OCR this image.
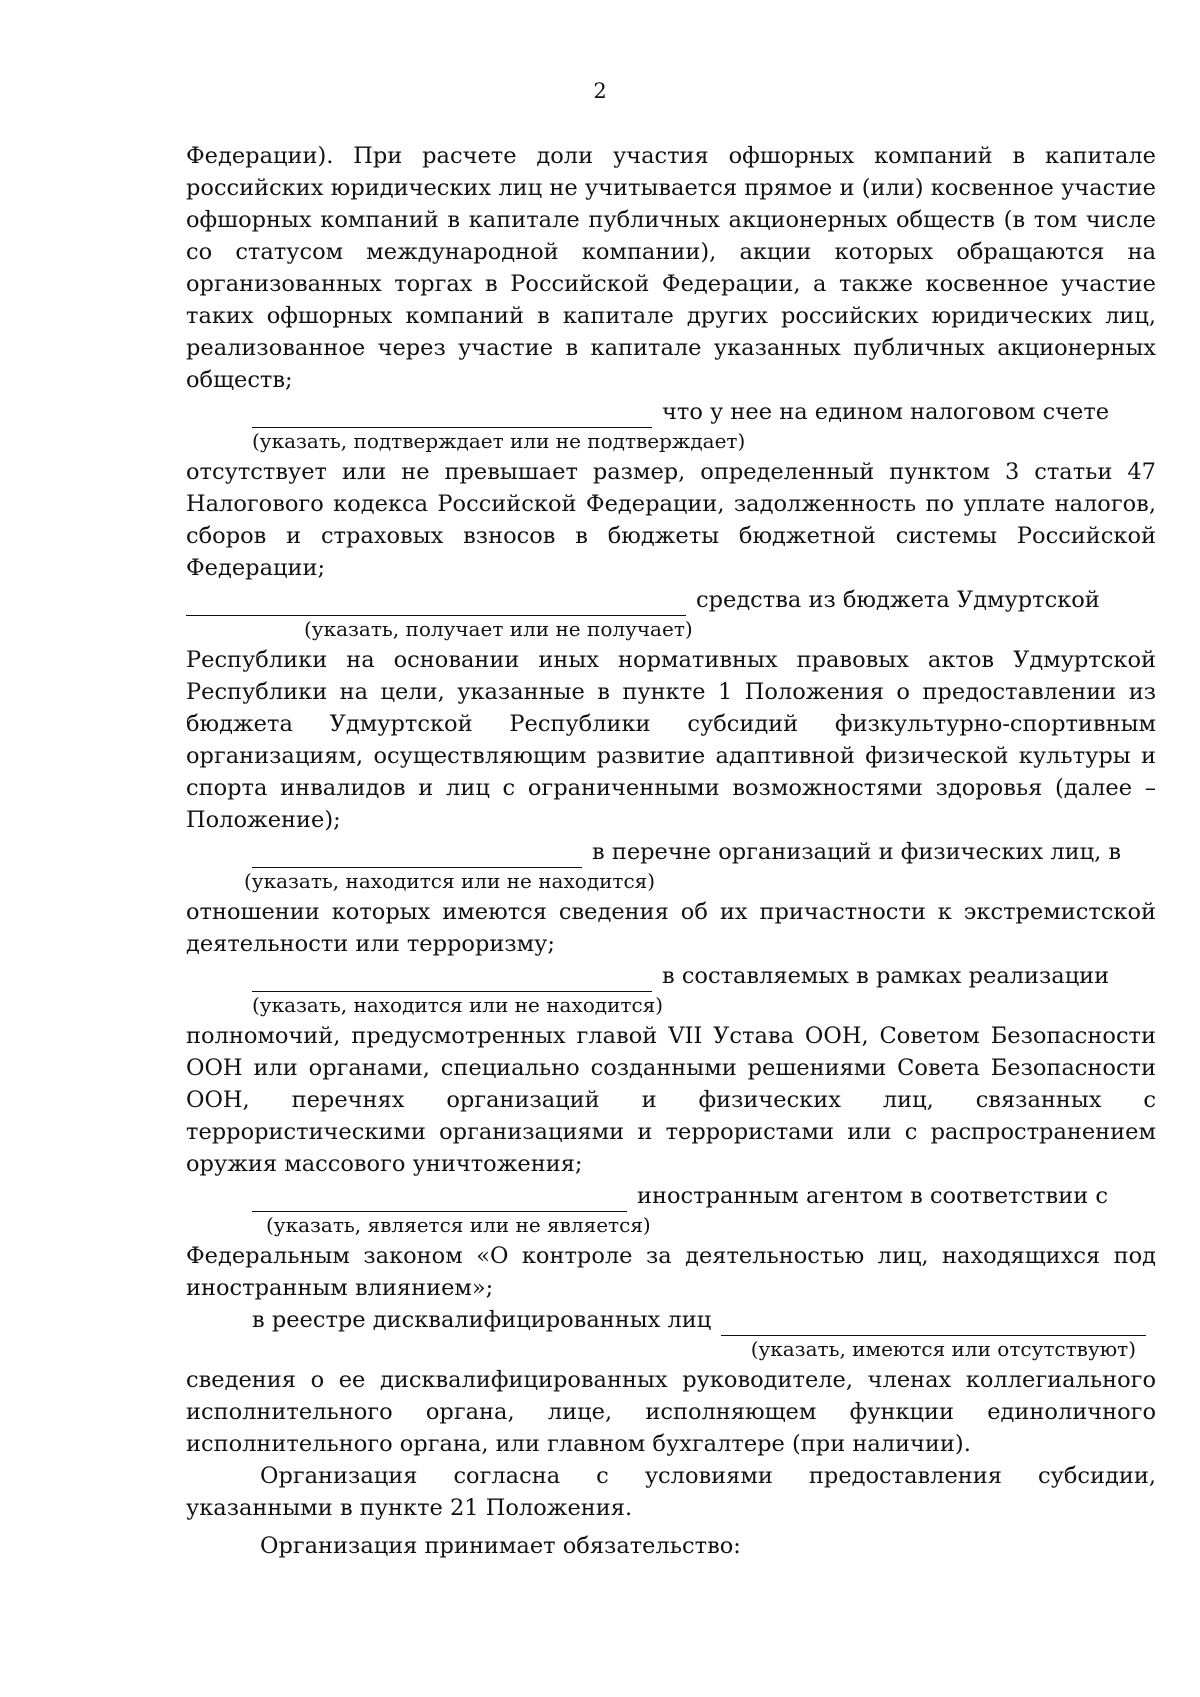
2

Федерации). При расчете доли участия офшорных компаний в капитале российских юридических лиц не учитывается прямое и (или) косвенное участие офшорных компаний в капитале публичных акционерных обществ (в том числе со статусом международной компании), акции которых обращаются на организованных торгах в Российской Федерации, а также косвенное участие таких офшорных компаний в капитале других российских юридических лиц, реализованное через участие в капитале указанных публичных акционерных обществ;

что у нее на едином налоговом счете
(указать, подтверждает или не подтверждает)

отсутствует или не превышает размер, определенный пунктом 3 статьи 47 Налогового кодекса Российской Федерации, задолженность по уплате налогов, сборов и страховых взносов в бюджеты бюджетной системы Российской Федерации;

средства из бюджета Удмуртской
(указать, получает или не получает)

Республики на основании иных нормативных правовых актов Удмуртской Республики на цели, указанные в пункте 1 Положения о предоставлении из бюджета Удмуртской Республики субсидий физкультурно-спортивным организациям, осуществляющим развитие адаптивной физической культуры и спорта инвалидов и лиц с ограниченными возможностями здоровья (далее – Положение);

в перечне организаций и физических лиц, в
(указать, находится или не находится)

отношении которых имеются сведения об их причастности к экстремистской деятельности или терроризму;

в составляемых в рамках реализации
(указать, находится или не находится)

полномочий, предусмотренных главой VII Устава ООН, Советом Безопасности ООН или органами, специально созданными решениями Совета Безопасности ООН, перечнях организаций и физических лиц, связанных с террористическими организациями и террористами или с распространением оружия массового уничтожения;

иностранным агентом в соответствии с
(указать, является или не является)

Федеральным законом «О контроле за деятельностью лиц, находящихся под иностранным влиянием»;

в реестре дисквалифицированных лиц
(указать, имеются или отсутствуют)

сведения о ее дисквалифицированных руководителе, членах коллегиального исполнительного органа, лице, исполняющем функции единоличного исполнительного органа, или главном бухгалтере (при наличии).

Организация согласна с условиями предоставления субсидии, указанными в пункте 21 Положения.

Организация принимает обязательство:
